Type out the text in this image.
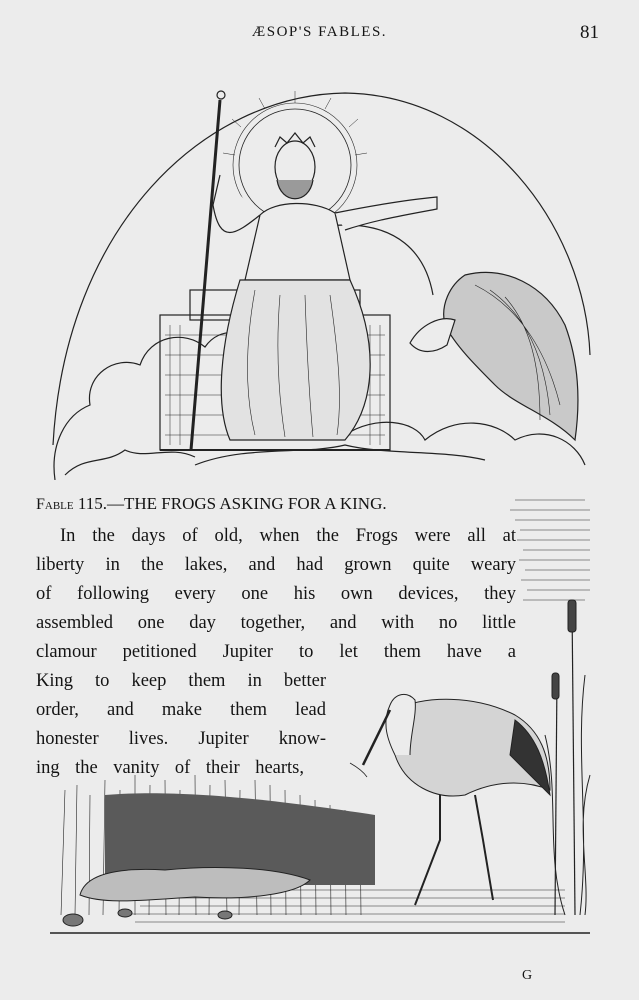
ÆSOP'S FABLES.	81
Fable 115.—THE FROGS ASKING FOR A KING.
In the days of old, when the Frogs were all at
liberty in the lakes, and had grown quite weary
of following every one his own devices, they
assembled one day together, and with no little
clamour petitioned Jupiter to let them have a
King to keep them in better
order, and make them lead
honester lives. Jupiter know-
ing the vanity of their hearts,
G
